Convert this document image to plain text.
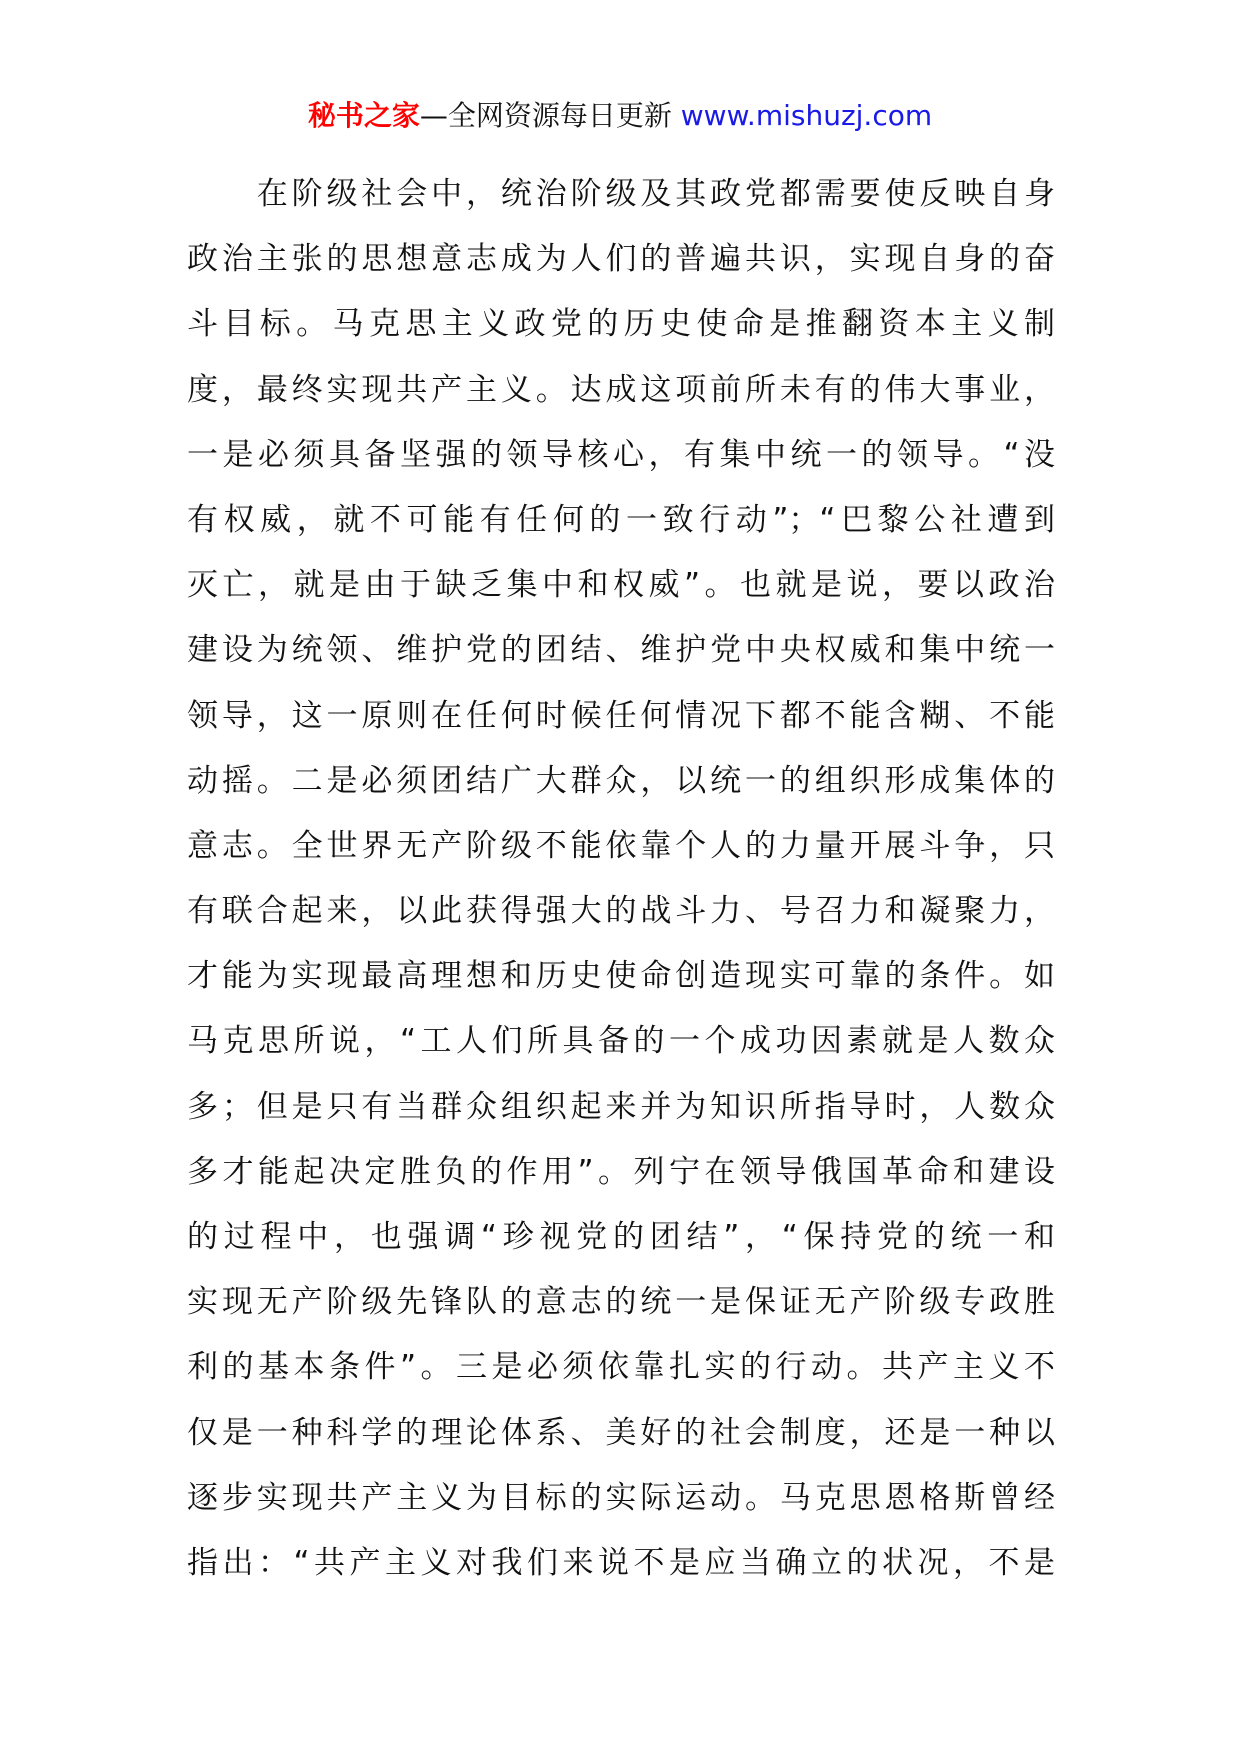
秘书之家—全网资源每日更新 www.mishuzj.com
　　在阶级社会中，统治阶级及其政党都需要使反映自身
政治主张的思想意志成为人们的普遍共识，实现自身的奋
斗目标。马克思主义政党的历史使命是推翻资本主义制
度，最终实现共产主义。达成这项前所未有的伟大事业，
一是必须具备坚强的领导核心，有集中统一的领导。“没
有权威，就不可能有任何的一致行动”；“巴黎公社遭到
灭亡，就是由于缺乏集中和权威”。也就是说，要以政治
建设为统领、维护党的团结、维护党中央权威和集中统一
领导，这一原则在任何时候任何情况下都不能含糊、不能
动摇。二是必须团结广大群众，以统一的组织形成集体的
意志。全世界无产阶级不能依靠个人的力量开展斗争，只
有联合起来，以此获得强大的战斗力、号召力和凝聚力，
才能为实现最高理想和历史使命创造现实可靠的条件。如
马克思所说，“工人们所具备的一个成功因素就是人数众
多；但是只有当群众组织起来并为知识所指导时，人数众
多才能起决定胜负的作用”。列宁在领导俄国革命和建设
的过程中，也强调“珍视党的团结”，“保持党的统一和
实现无产阶级先锋队的意志的统一是保证无产阶级专政胜
利的基本条件”。三是必须依靠扎实的行动。共产主义不
仅是一种科学的理论体系、美好的社会制度，还是一种以
逐步实现共产主义为目标的实际运动。马克思恩格斯曾经
指出：“共产主义对我们来说不是应当确立的状况，不是
